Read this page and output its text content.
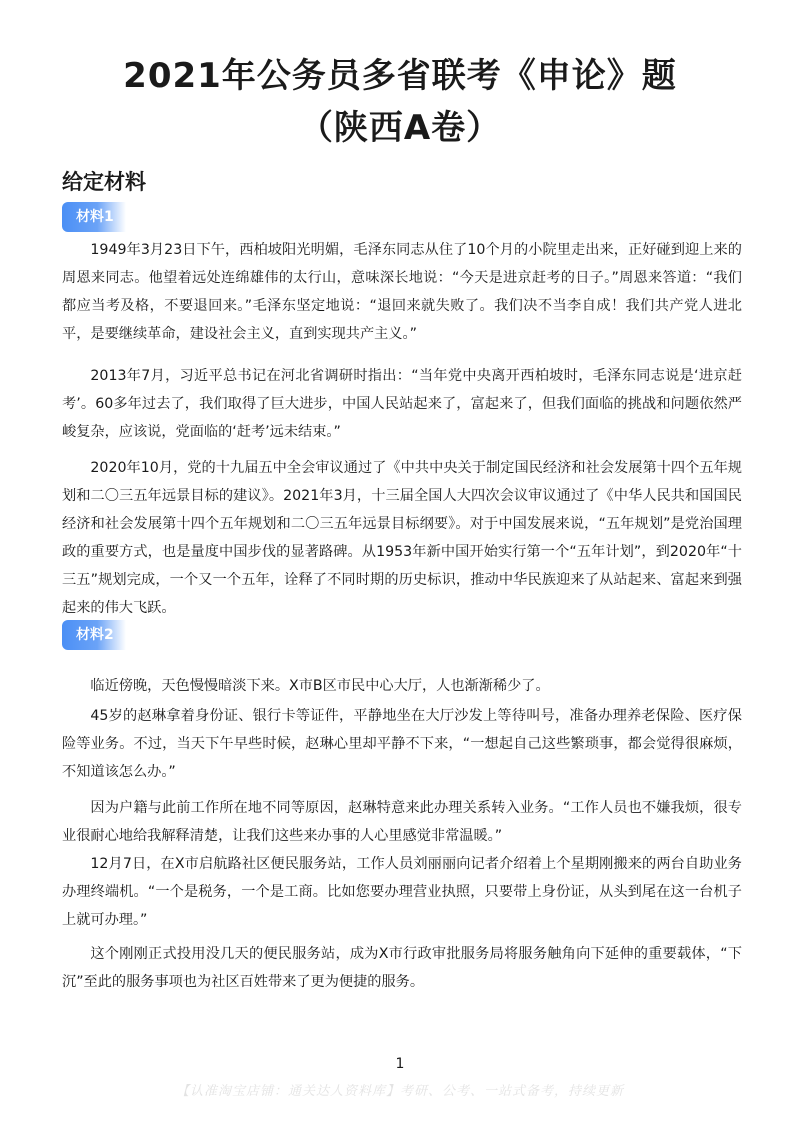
2021年公务员多省联考《申论》题
（陕西A卷）
给定材料
材料1

1949年3月23日下午，西柏坡阳光明媚，毛泽东同志从住了10个月的小院里走出来，正好碰到迎上来的周恩来同志。他望着远处连绵雄伟的太行山，意味深长地说：“今天是进京赶考的日子。”周恩来答道：“我们都应当考及格，不要退回来。”毛泽东坚定地说：“退回来就失败了。我们决不当李自成！我们共产党人进北平，是要继续革命，建设社会主义，直到实现共产主义。”

2013年7月，习近平总书记在河北省调研时指出：“当年党中央离开西柏坡时，毛泽东同志说是‘进京赶考’。60多年过去了，我们取得了巨大进步，中国人民站起来了，富起来了，但我们面临的挑战和问题依然严峻复杂，应该说，党面临的‘赶考’远未结束。”

2020年10月，党的十九届五中全会审议通过了《中共中央关于制定国民经济和社会发展第十四个五年规划和二〇三五年远景目标的建议》。2021年3月，十三届全国人大四次会议审议通过了《中华人民共和国国民经济和社会发展第十四个五年规划和二〇三五年远景目标纲要》。对于中国发展来说，“五年规划”是党治国理政的重要方式，也是量度中国步伐的显著路碑。从1953年新中国开始实行第一个“五年计划”，到2020年“十三五”规划完成，一个又一个五年，诠释了不同时期的历史标识，推动中华民族迎来了从站起来、富起来到强起来的伟大飞跃。

材料2

临近傍晚，天色慢慢暗淡下来。X市B区市民中心大厅，人也渐渐稀少了。

45岁的赵琳拿着身份证、银行卡等证件，平静地坐在大厅沙发上等待叫号，准备办理养老保险、医疗保险等业务。不过，当天下午早些时候，赵琳心里却平静不下来，“一想起自己这些繁琐事，都会觉得很麻烦，不知道该怎么办。”

因为户籍与此前工作所在地不同等原因，赵琳特意来此办理关系转入业务。“工作人员也不嫌我烦，很专业很耐心地给我解释清楚，让我们这些来办事的人心里感觉非常温暖。”

12月7日，在X市启航路社区便民服务站，工作人员刘丽丽向记者介绍着上个星期刚搬来的两台自助业务办理终端机。“一个是税务，一个是工商。比如您要办理营业执照，只要带上身份证，从头到尾在这一台机子上就可办理。”

这个刚刚正式投用没几天的便民服务站，成为X市行政审批服务局将服务触角向下延伸的重要载体，“下沉”至此的服务事项也为社区百姓带来了更为便捷的服务。

1

【认准淘宝店铺：通关达人资料库】考研、公考、一站式备考，持续更新
